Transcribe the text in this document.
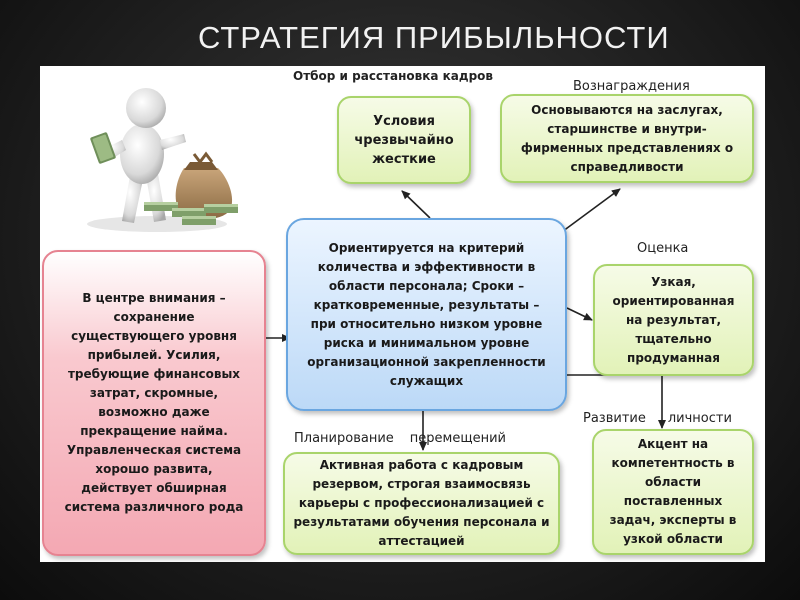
СТРАТЕГИЯ ПРИБЫЛЬНОСТИ
Отбор и расстановка кадров
Вознаграждения
Оценка
Планирование перемещений
Развитие личности
Условия чрезвычайно жесткие
Основываются на заслугах, старшинстве и внутри-фирменных представлениях о справедливости
Ориентируется на критерий количества и эффективности в области персонала; Сроки – кратковременные, результаты – при относительно низком уровне риска и минимальном уровне организационной закрепленности служащих
В центре внимания – сохранение существующего уровня прибылей. Усилия, требующие финансовых затрат, скромные, возможно даже прекращение найма. Управленческая система хорошо развита, действует обширная система различного рода
Узкая, ориентированная на результат, тщательно продуманная
Активная работа с кадровым резервом, строгая взаимосвязь карьеры с профессионализацией с результатами обучения персонала и аттестацией
Акцент на компетентность в области поставленных задач, эксперты в узкой области
